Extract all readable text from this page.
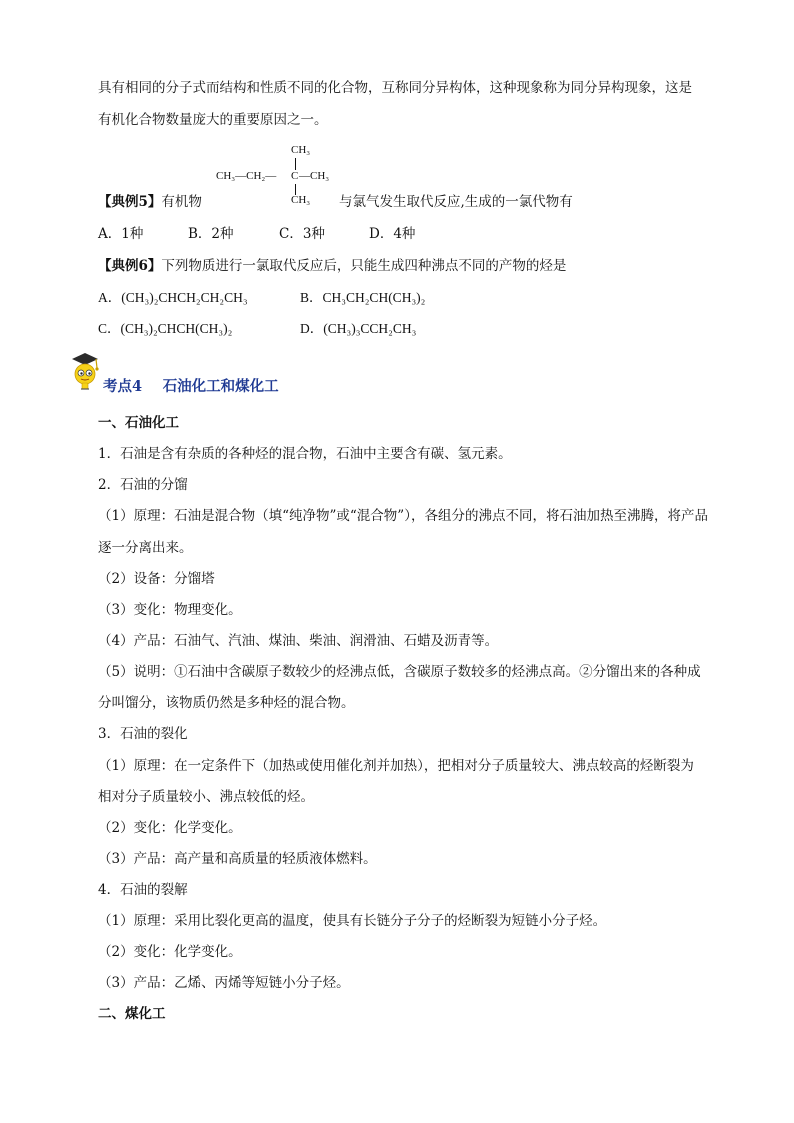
具有相同的分子式而结构和性质不同的化合物，互称同分异构体，这种现象称为同分异构现象，这是
有机化合物数量庞大的重要原因之一。
CH₃
CH₃—CH₂— C —CH₃
CH₃
【典例5】有机物	与氯气发生取代反应,生成的一氯代物有
A．1种	B．2种	C．3种	D．4种
【典例6】下列物质进行一氯取代反应后，只能生成四种沸点不同的产物的烃是
A．(CH₃)₂CHCH₂CH₂CH₃	B．CH₃CH₂CH(CH₃)₂
C．(CH₃)₂CHCH(CH₃)₂	D．(CH₃)₃CCH₂CH₃
考点4 石油化工和煤化工
一、石油化工
1．石油是含有杂质的各种烃的混合物，石油中主要含有碳、氢元素。
2．石油的分馏
（1）原理：石油是混合物（填“纯净物”或“混合物”），各组分的沸点不同，将石油加热至沸腾，将产品
逐一分离出来。
（2）设备：分馏塔
（3）变化：物理变化。
（4）产品：石油气、汽油、煤油、柴油、润滑油、石蜡及沥青等。
（5）说明：①石油中含碳原子数较少的烃沸点低，含碳原子数较多的烃沸点高。②分馏出来的各种成
分叫馏分，该物质仍然是多种烃的混合物。
3．石油的裂化
（1）原理：在一定条件下（加热或使用催化剂并加热），把相对分子质量较大、沸点较高的烃断裂为
相对分子质量较小、沸点较低的烃。
（2）变化：化学变化。
（3）产品：高产量和高质量的轻质液体燃料。
4．石油的裂解
（1）原理：采用比裂化更高的温度，使具有长链分子分子的烃断裂为短链小分子烃。
（2）变化：化学变化。
（3）产品：乙烯、丙烯等短链小分子烃。
二、煤化工
